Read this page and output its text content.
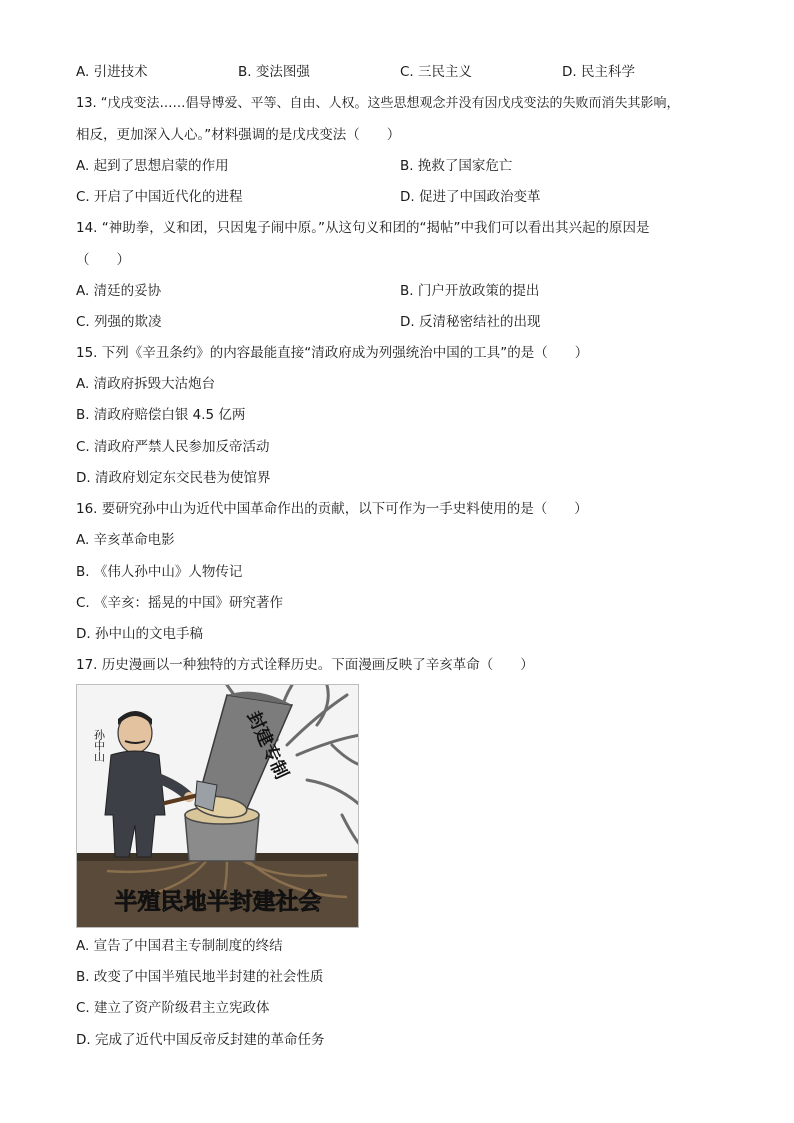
A. 引进技术	B. 变法图强	C. 三民主义	D. 民主科学
13. “戊戌变法……倡导博爱、平等、自由、人权。这些思想观念并没有因戊戌变法的失败而消失其影响，
相反，更加深入人心。”材料强调的是戊戌变法（　　）
A. 起到了思想启蒙的作用	B. 挽救了国家危亡
C. 开启了中国近代化的进程	D. 促进了中国政治变革
14. “神助拳，义和团，只因鬼子闹中原。”从这句义和团的“揭帖”中我们可以看出其兴起的原因是
（　　）
A. 清廷的妥协	B. 门户开放政策的提出
C. 列强的欺凌	D. 反清秘密结社的出现
15. 下列《辛丑条约》的内容最能直接“清政府成为列强统治中国的工具”的是（　　）
A. 清政府拆毁大沽炮台
B. 清政府赔偿白银 4.5 亿两
C. 清政府严禁人民参加反帝活动
D. 清政府划定东交民巷为使馆界
16. 要研究孙中山为近代中国革命作出的贡献，以下可作为一手史料使用的是（　　）
A. 辛亥革命电影
B. 《伟人孙中山》人物传记
C. 《辛亥：摇晃的中国》研究著作
D. 孙中山的文电手稿
17. 历史漫画以一种独特的方式诠释历史。下面漫画反映了辛亥革命（　　）
孙中山	封建专制
半殖民地半封建社会
A. 宣告了中国君主专制制度的终结
B. 改变了中国半殖民地半封建的社会性质
C. 建立了资产阶级君主立宪政体
D. 完成了近代中国反帝反封建的革命任务
